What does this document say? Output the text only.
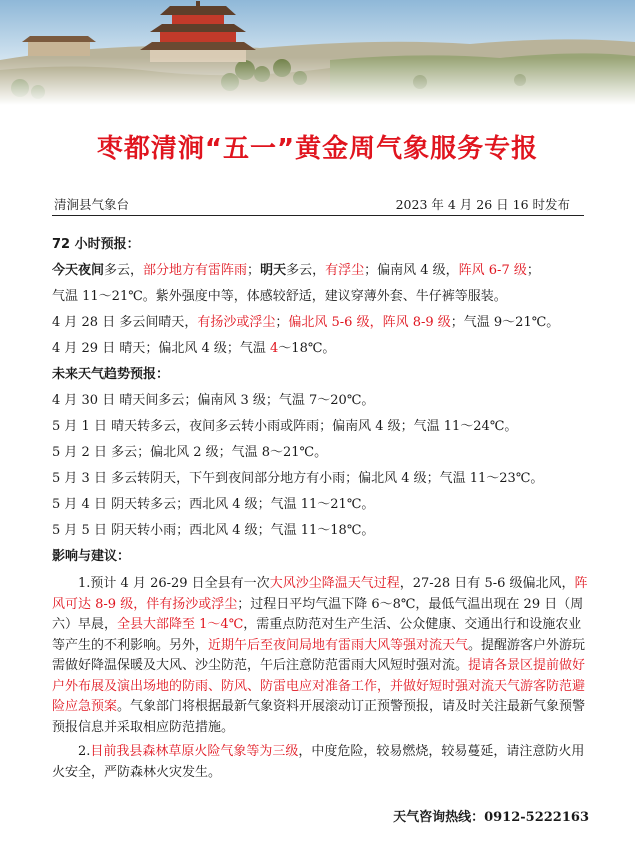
枣都清涧“五一”黄金周气象服务专报
清涧县气象台	2023 年 4 月 26 日 16 时发布
72 小时预报：
今天夜间多云，部分地方有雷阵雨；明天多云，有浮尘；偏南风 4 级，阵风 6-7 级；
气温 11～21℃。紫外强度中等，体感较舒适，建议穿薄外套、牛仔裤等服装。
4 月 28 日 多云间晴天，有扬沙或浮尘；偏北风 5-6 级，阵风 8-9 级；气温 9～21℃。
4 月 29 日 晴天；偏北风 4 级；气温 4～18℃。
未来天气趋势预报：
4 月 30 日 晴天间多云；偏南风 3 级；气温 7～20℃。
5 月 1 日 晴天转多云，夜间多云转小雨或阵雨；偏南风 4 级；气温 11～24℃。
5 月 2 日 多云；偏北风 2 级；气温 8～21℃。
5 月 3 日 多云转阴天，下午到夜间部分地方有小雨；偏北风 4 级；气温 11～23℃。
5 月 4 日 阴天转多云；西北风 4 级；气温 11～21℃。
5 月 5 日 阴天转小雨；西北风 4 级；气温 11～18℃。
影响与建议：

1.预计 4 月 26-29 日全县有一次大风沙尘降温天气过程，27-28 日有 5-6 级偏北风，阵风可达 8-9 级，伴有扬沙或浮尘；过程日平均气温下降 6～8℃，最低气温出现在 29 日（周六）早晨，全县大部降至 1～4℃，需重点防范对生产生活、公众健康、交通出行和设施农业等产生的不利影响。另外，近期午后至夜间局地有雷雨大风等强对流天气。提醒游客户外游玩需做好降温保暖及大风、沙尘防范，午后注意防范雷雨大风短时强对流。提请各景区提前做好户外布展及演出场地的防雨、防风、防雷电应对准备工作，并做好短时强对流天气游客防范避险应急预案。气象部门将根据最新气象资料开展滚动订正预警预报，请及时关注最新气象预警预报信息并采取相应防范措施。

2.目前我县森林草原火险气象等为三级，中度危险，较易燃烧，较易蔓延，请注意防火用火安全，严防森林火灾发生。

天气咨询热线：0912-5222163
